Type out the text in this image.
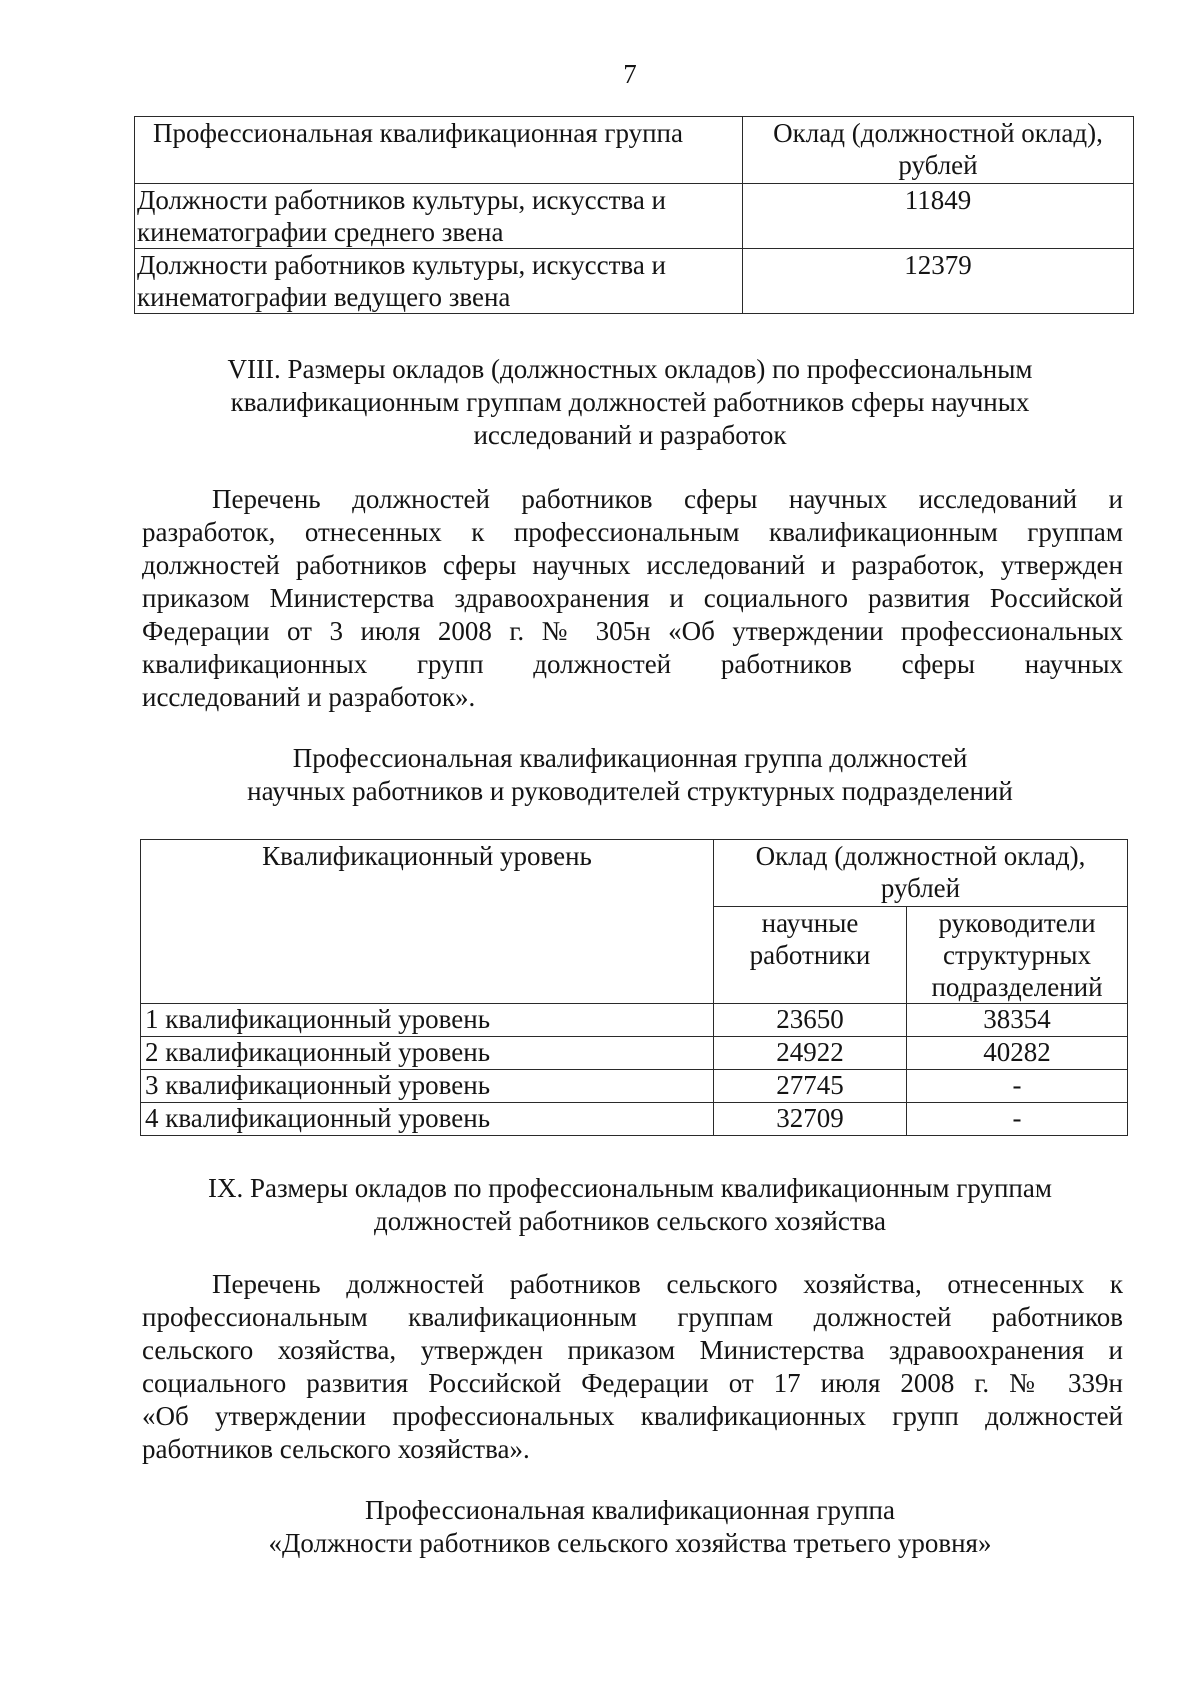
7
Профессиональная квалификационная группа	Оклад (должностной оклад), рублей

Должности работников культуры, искусства и
кинематографии среднего звена	11849

Должности работников культуры, искусства и
кинематографии ведущего звена	12379
VIII. Размеры окладов (должностных окладов) по профессиональным
квалификационным группам должностей работников сферы научных
исследований и разработок
Перечень должностей работников сферы научных исследований и
разработок, отнесенных к профессиональным квалификационным группам
должностей работников сферы научных исследований и разработок, утвержден
приказом Министерства здравоохранения и социального развития Российской
Федерации от 3 июля 2008 г. № 305н «Об утверждении профессиональных
квалификационных групп должностей работников сферы научных
исследований и разработок».
Профессиональная квалификационная группа должностей
научных работников и руководителей структурных подразделений
Квалификационный уровень	Оклад (должностной оклад), рублей	
	научные работники	руководители структурных подразделений
1 квалификационный уровень	23650	38354
2 квалификационный уровень	24922	40282
3 квалификационный уровень	27745	-
4 квалификационный уровень	32709	-
IX. Размеры окладов по профессиональным квалификационным группам
должностей работников сельского хозяйства
Перечень должностей работников сельского хозяйства, отнесенных к
профессиональным квалификационным группам должностей работников
сельского хозяйства, утвержден приказом Министерства здравоохранения и
социального развития Российской Федерации от 17 июля 2008 г. № 339н
«Об утверждении профессиональных квалификационных групп должностей
работников сельского хозяйства».
Профессиональная квалификационная группа
«Должности работников сельского хозяйства третьего уровня»
